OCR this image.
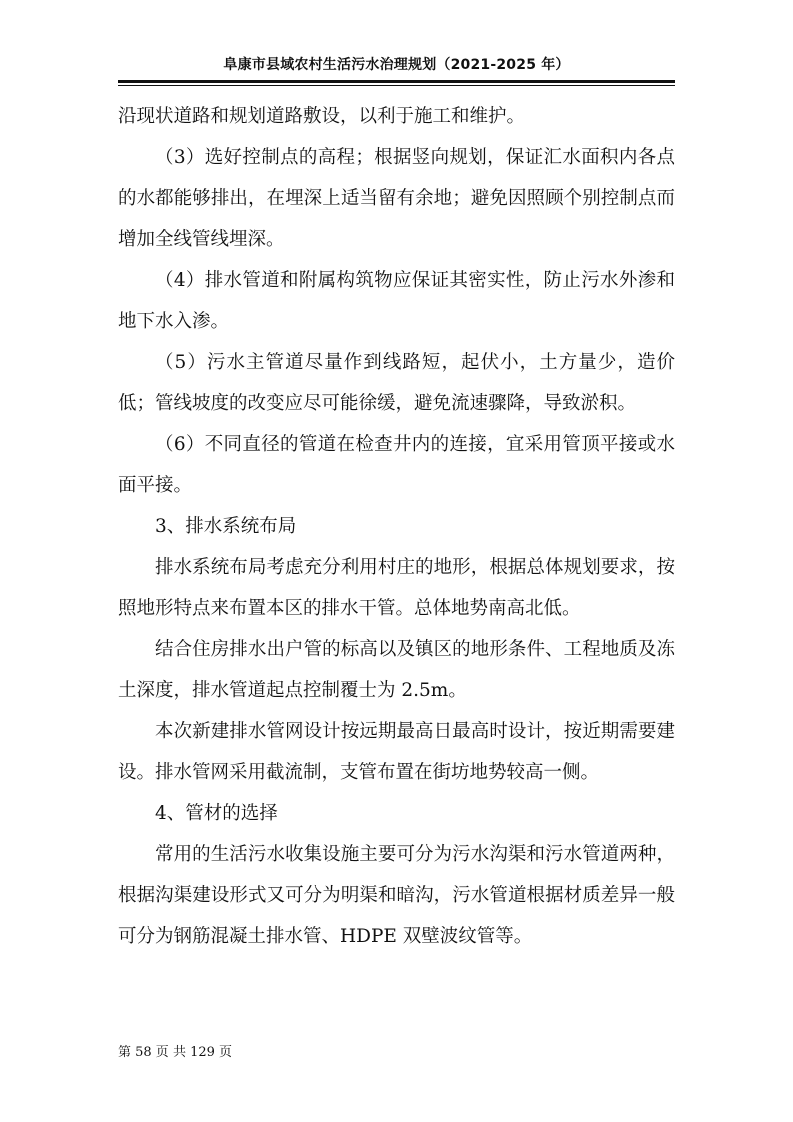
阜康市县域农村生活污水治理规划（2021-2025 年）

沿现状道路和规划道路敷设，以利于施工和维护。

（3）选好控制点的高程；根据竖向规划，保证汇水面积内各点的水都能够排出，在埋深上适当留有余地；避免因照顾个别控制点而增加全线管线埋深。

（4）排水管道和附属构筑物应保证其密实性，防止污水外渗和地下水入渗。

（5）污水主管道尽量作到线路短，起伏小，土方量少，造价低；管线坡度的改变应尽可能徐缓，避免流速骤降，导致淤积。

（6）不同直径的管道在检查井内的连接，宜采用管顶平接或水面平接。

3、排水系统布局

排水系统布局考虑充分利用村庄的地形，根据总体规划要求，按照地形特点来布置本区的排水干管。总体地势南高北低。

结合住房排水出户管的标高以及镇区的地形条件、工程地质及冻土深度，排水管道起点控制覆士为 2.5m。

本次新建排水管网设计按远期最高日最高时设计，按近期需要建设。排水管网采用截流制，支管布置在街坊地势较高一侧。

4、管材的选择

常用的生活污水收集设施主要可分为污水沟渠和污水管道两种，根据沟渠建设形式又可分为明渠和暗沟，污水管道根据材质差异一般可分为钢筋混凝土排水管、HDPE 双壁波纹管等。

第 58 页 共 129 页
